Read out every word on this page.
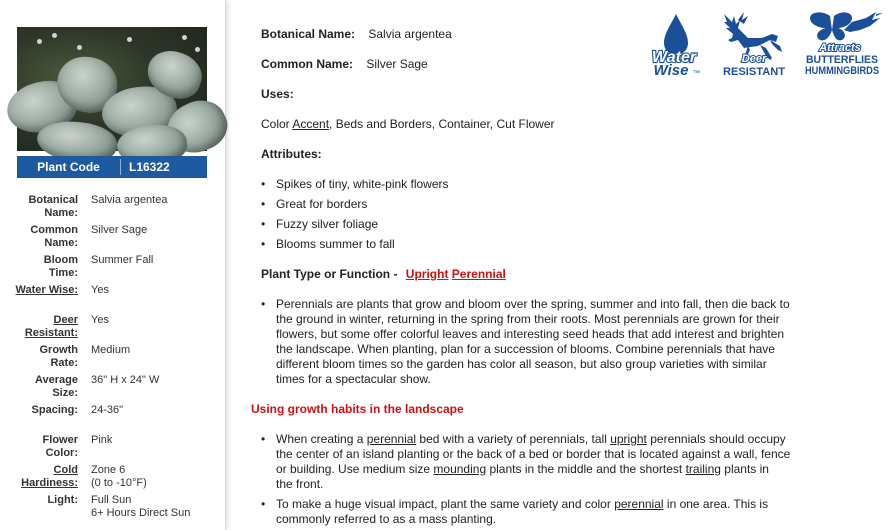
Plant Code	L16322
Botanical Name:
Salvia argentea
Common Name:
Silver Sage
Bloom Time:
Summer Fall
Water Wise: Yes
Deer Resistant:
Yes
Growth Rate:
Medium
Average Size:
36" H x 24" W
Spacing: 24-36"
Flower Color:
Pink
Cold Hardiness:
Zone 6
(0 to -10°F)
Light: Full Sun
6+ Hours Direct Sun
Botanical Name: Salvia argentea
Common Name: Silver Sage
Uses:
Color Accent, Beds and Borders, Container, Cut Flower
Attributes:
• Spikes of tiny, white-pink flowers
• Great for borders
• Fuzzy silver foliage
• Blooms summer to fall
Plant Type or Function - Upright Perennial
• Perennials are plants that grow and bloom over the spring, summer and into fall, then die back to
the ground in winter, returning in the spring from their roots. Most perennials are grown for their
flowers, but some offer colorful leaves and interesting seed heads that add interest and brighten
the landscape. When planting, plan for a succession of blooms. Combine perennials that have
different bloom times so the garden has color all season, but also group varieties with similar
times for a spectacular show.
Using growth habits in the landscape
• When creating a perennial bed with a variety of perennials, tall upright perennials should occupy
the center of an island planting or the back of a bed or border that is located against a wall, fence
or building. Use medium size mounding plants in the middle and the shortest trailing plants in
the front.
• To make a huge visual impact, plant the same variety and color perennial in one area. This is
commonly referred to as a mass planting.
Water
Wise ™
Deer
RESISTANT
Attracts
BUTTERFLIES
HUMMINGBIRDS
